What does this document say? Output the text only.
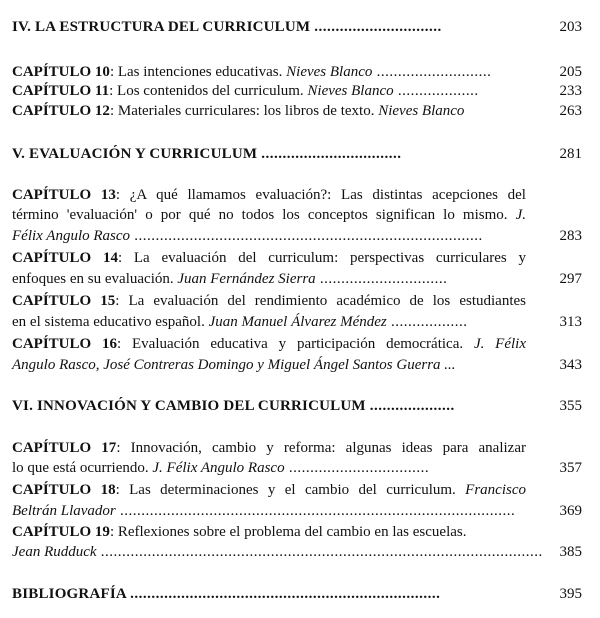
IV. LA ESTRUCTURA DEL CURRICULUM ..............................	203
CAPÍTULO 10: Las intenciones educativas. Nieves Blanco ...........................	205
CAPÍTULO 11: Los contenidos del curriculum. Nieves Blanco ...................	233
CAPÍTULO 12: Materiales curriculares: los libros de texto. Nieves Blanco	263
V. EVALUACIÓN Y CURRICULUM .................................	281
CAPÍTULO 13: ¿A qué llamamos evaluación?: Las distintas acepciones del
término 'evaluación' o por qué no todos los conceptos significan lo mismo. J.
Félix Angulo Rasco ..................................................................................	283
CAPÍTULO 14: La evaluación del curriculum: perspectivas curriculares y
enfoques en su evaluación. Juan Fernández Sierra ..............................	297
CAPÍTULO 15: La evaluación del rendimiento académico de los estudiantes
en el sistema educativo español. Juan Manuel Álvarez Méndez ..................	313
CAPÍTULO 16: Evaluación educativa y participación democrática. J. Félix
Angulo Rasco, José Contreras Domingo y Miguel Ángel Santos Guerra ...	343
VI. INNOVACIÓN Y CAMBIO DEL CURRICULUM ....................	355
CAPÍTULO 17: Innovación, cambio y reforma: algunas ideas para analizar
lo que está ocurriendo. J. Félix Angulo Rasco .................................	357
CAPÍTULO 18: Las determinaciones y el cambio del curriculum. Francisco
Beltrán Llavador .............................................................................................	369
CAPÍTULO 19: Reflexiones sobre el problema del cambio en las escuelas.
Jean Rudduck ........................................................................................................ 385
BIBLIOGRAFÍA .........................................................................	395
